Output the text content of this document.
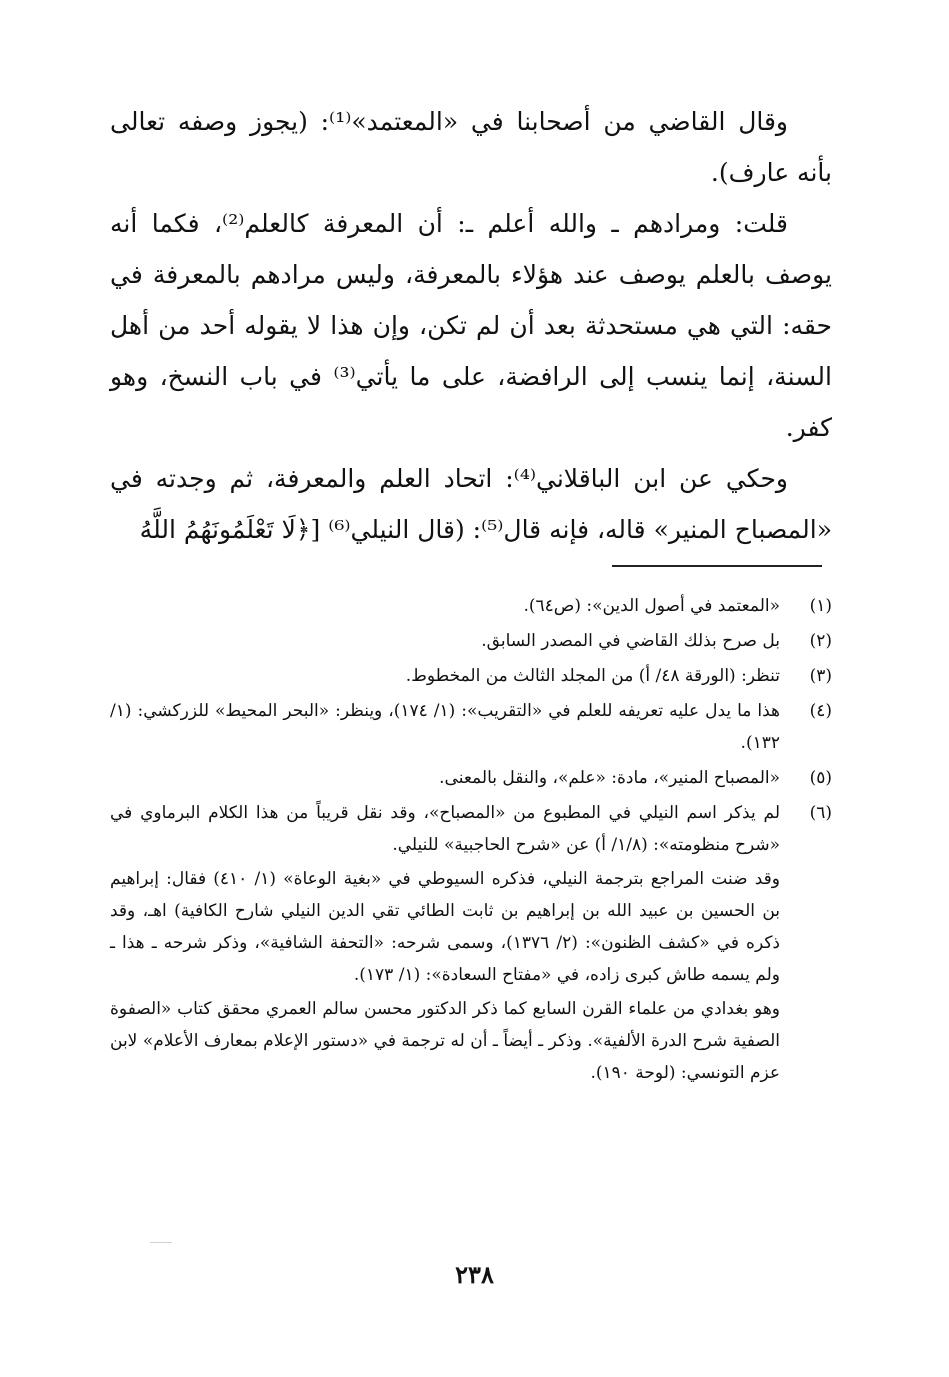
وقال القاضي من أصحابنا في «المعتمد»⁽¹⁾: (يجوز وصفه تعالى بأنه عارف).

قلت: ومرادهم ـ والله أعلم ـ: أن المعرفة كالعلم⁽²⁾، فكما أنه يوصف بالعلم يوصف عند هؤلاء بالمعرفة، وليس مرادهم بالمعرفة في حقه: التي هي مستحدثة بعد أن لم تكن، وإن هذا لا يقوله أحد من أهل السنة، إنما ينسب إلى الرافضة، على ما يأتي⁽³⁾ في باب النسخ، وهو كفر.

وحكي عن ابن الباقلاني⁽⁴⁾: اتحاد العلم والمعرفة، ثم وجدته في «المصباح المنير» قاله، فإنه قال⁽⁵⁾: (قال النيلي⁽⁶⁾ [﴿لَا تَعْلَمُونَهُمُ اللَّهُ

(١)

«المعتمد في أصول الدين»: (ص٦٤).

(٢)

بل صرح بذلك القاضي في المصدر السابق.

(٣)

تنظر: (الورقة ٤٨/ أ) من المجلد الثالث من المخطوط.

(٤)

هذا ما يدل عليه تعريفه للعلم في «التقريب»: (١/ ١٧٤)، وينظر: «البحر المحيط» للزركشي: (١/ ١٣٢).

(٥)

«المصباح المنير»، مادة: «علم»، والنقل بالمعنى.

(٦)

لم يذكر اسم النيلي في المطبوع من «المصباح»، وقد نقل قريباً من هذا الكلام البرماوي في «شرح منظومته»: (١/٨/ أ) عن «شرح الحاجبية» للنيلي.

وقد ضنت المراجع بترجمة النيلي، فذكره السيوطي في «بغية الوعاة» (١/ ٤١٠) فقال: إبراهيم بن الحسين بن عبيد الله بن إبراهيم بن ثابت الطائي تقي الدين النيلي شارح الكافية) اهـ، وقد ذكره في «كشف الظنون»: (٢/ ١٣٧٦)، وسمى شرحه: «التحفة الشافية»، وذكر شرحه ـ هذا ـ ولم يسمه طاش كبرى زاده، في «مفتاح السعادة»: (١/ ١٧٣).

وهو بغدادي من علماء القرن السابع كما ذكر الدكتور محسن سالم العمري محقق كتاب «الصفوة الصفية شرح الدرة الألفية». وذكر ـ أيضاً ـ أن له ترجمة في «دستور الإعلام بمعارف الأعلام» لابن عزم التونسي: (لوحة ١٩٠).

٢٣٨
